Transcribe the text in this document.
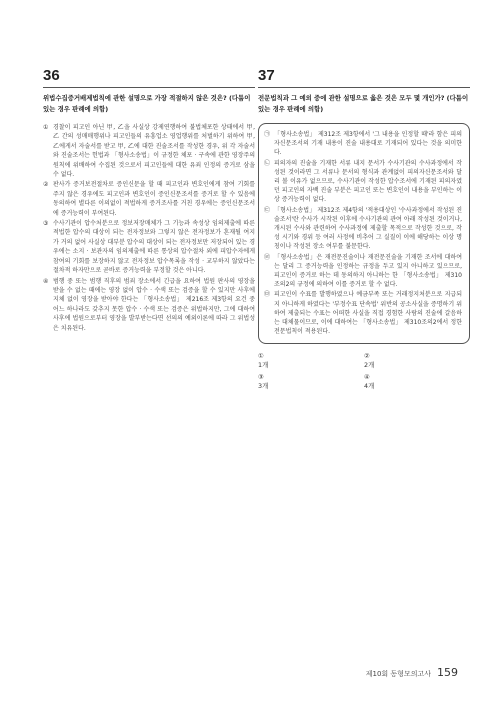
36
위법수집증거배제법칙에 관한 설명으로 가장 적절하지 않은 것은? (다툼이 있는 경우 판례에 의함)
① 경찰이 피고인 아닌 甲, 乙을 사실상 강제연행하여 불법체포한 상태에서 甲, 乙 간의 성매매행위나 피고인들의 유흥업소 영업행위를 처벌하기 위하여 甲, 乙에게서 자술서를 받고 甲, 乙에 대한 진술조서를 작성한 경우, 위 각 자술서와 진술조서는 헌법과 「형사소송법」이 규정한 체포 · 구속에 관한 영장주의 원칙에 위배하여 수집된 것으로서 피고인들에 대한 유죄 인정의 증거로 삼을 수 없다.
② 판사가 증거보전절차로 증인신문을 할 때 피고인과 변호인에게 참여 기회를 주지 않은 경우에도 피고인과 변호인이 증인신문조서를 증거로 할 수 있음에 동의하여 별다른 이의없이 적법하게 증거조사를 거친 경우에는 증인신문조서에 증거능력이 부여된다.
③ 수사기관이 압수처분으로 정보저장매체가 그 기능과 속성상 임의제출에 따른 적법한 압수의 대상이 되는 전자정보와 그렇지 않은 전자정보가 혼재될 여지가 거의 없어 사실상 대부분 압수의 대상이 되는 전자정보만 저장되어 있는 경우에는 소지 · 보관자의 임의제출에 따른 통상의 압수절차 외에 피압수자에게 참여의 기회를 보장하지 않고 전자정보 압수목록을 작성 · 교부하지 않았다는 절차적 하자만으로 곧바로 증거능력을 부정할 것은 아니다.
④ 범행 중 또는 범행 직후의 범죄 장소에서 긴급을 요하여 법원 판사의 영장을 받을 수 없는 때에는 영장 없이 압수 · 수색 또는 검증을 할 수 있지만 사후에 지체 없이 영장을 받아야 한다는 「형사소송법」 제216조 제3항의 요건 중 어느 하나라도 갖추지 못한 압수 · 수색 또는 검증은 위법하지만, 그에 대하여 사후에 법원으로부터 영장을 발부받는다면 선의의 예외이론에 따라 그 위법성은 치유된다.
37
전문법칙과 그 예외 중에 관한 설명으로 옳은 것은 모두 몇 개인가? (다툼이 있는 경우 판례에 의함)
㉠ 「형사소송법」 제312조 제3항에서 '그 내용을 인정할 때'라 함은 피의자신문조서의 기재 내용이 진술 내용대로 기재되어 있다는 것을 의미한다.
㉡ 피의자의 진술을 기재한 서류 내지 문서가 수사기관의 수사과정에서 작성된 것이라면 그 서류나 문서의 형식과 관계없이 피의자신문조서와 달리 볼 이유가 없으므로, 수사기관이 작성한 압수조서에 기재된 피의자였던 피고인의 자백 진술 부분은 피고인 또는 변호인이 내용을 부인하는 이상 증거능력이 없다.
㉢ 「형사소송법」 제312조 제4항의 '적용대상인 '수사과정에서 작성된 진술조서'란 수사가 시작된 이후에 수사기관의 관여 아래 작성된 것이거나, 개시된 수사와 관련하여 수사과정에 제출할 목적으로 작성한 것으로, 작성 시기와 경위 등 여러 사정에 비추어 그 실질이 이에 해당하는 이상 명칭이나 작성된 장소 여부를 불문한다.
㉣ 「형사소송법」은 재전문진술이나 재전문진술을 기재한 조서에 대하여는 달리 그 증거능력을 인정하는 규정을 두고 있지 아니하고 있으므로, 피고인이 증거로 하는 데 동의하지 아니하는 한 「형사소송법」 제310조의2의 규정에 의하여 이를 증거로 할 수 없다.
㉤ 피고인이 수표를 발행하였으나 예금부족 또는 거래정지처분으로 지급되지 아니하게 하였다는 '부정수표 단속법' 위반의 공소사실을 증명하기 위하여 제출되는 수표는 어떠한 사실을 직접 경험한 사람의 진술에 갈음하는 대체물이므로, 이에 대하여는 「형사소송법」 제310조의2에서 정한 전문법칙이 적용된다.
①
1개
②
2개
③
3개
④
4개
제10회 동형모의고사 159
